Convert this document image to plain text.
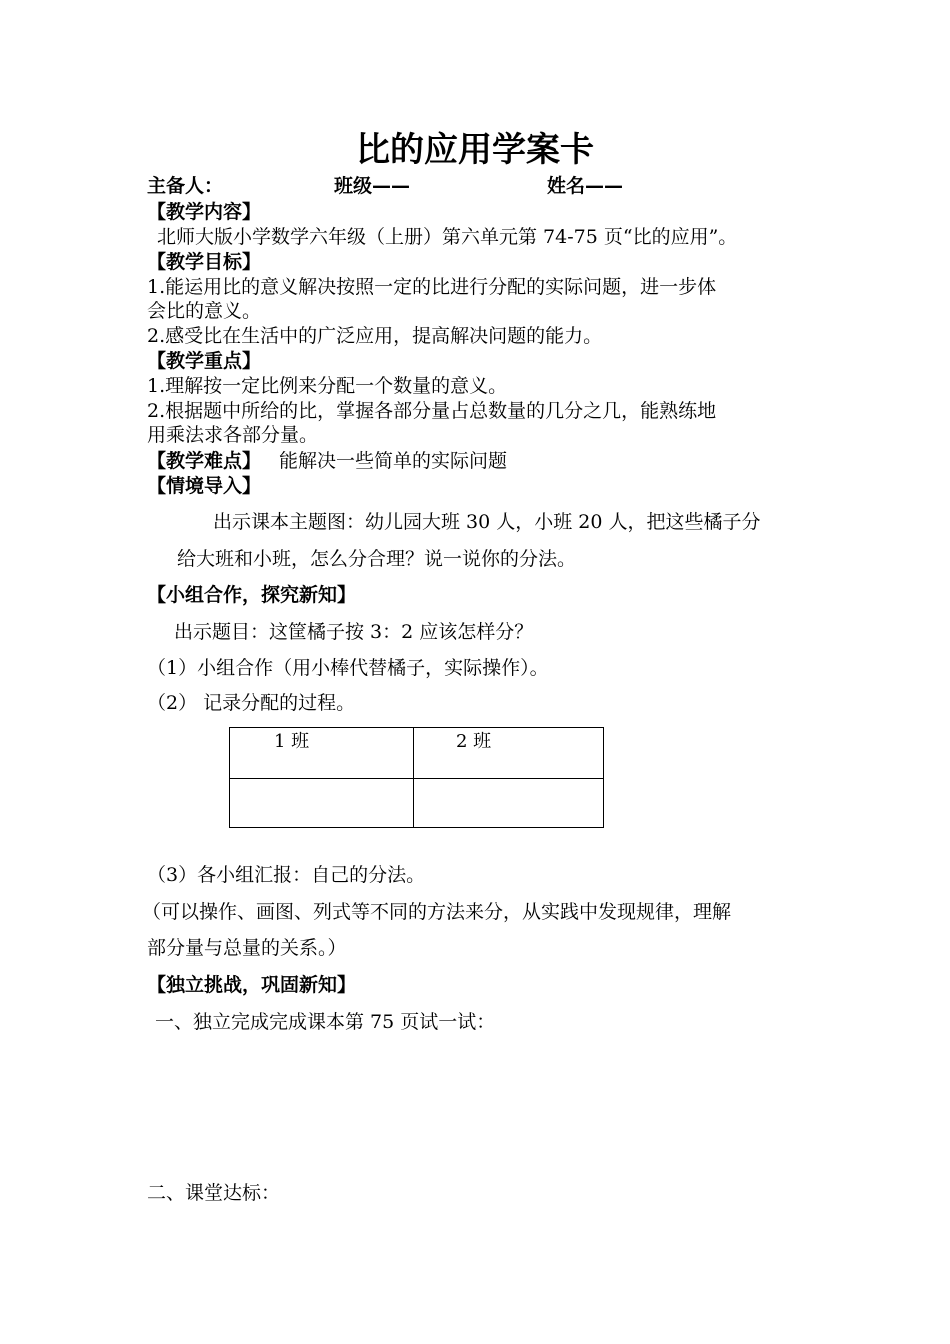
比的应用学案卡
主备人：	班级——	姓名——
【教学内容】
北师大版小学数学六年级（上册）第六单元第 74-75 页“比的应用”。
【教学目标】
1.能运用比的意义解决按照一定的比进行分配的实际问题，进一步体
会比的意义。
2.感受比在生活中的广泛应用，提高解决问题的能力。
【教学重点】
1.理解按一定比例来分配一个数量的意义。
2.根据题中所给的比，掌握各部分量占总数量的几分之几，能熟练地
用乘法求各部分量。
【教学难点】 能解决一些简单的实际问题
【情境导入】
出示课本主题图：幼儿园大班 30 人，小班 20 人，把这些橘子分
给大班和小班，怎么分合理？说一说你的分法。
【小组合作，探究新知】
出示题目：这筐橘子按 3：2 应该怎样分？
（1）小组合作（用小棒代替橘子，实际操作）。
（2） 记录分配的过程。
1 班	2 班

（3）各小组汇报：自己的分法。
（可以操作、画图、列式等不同的方法来分，从实践中发现规律，理解
部分量与总量的关系。）
【独立挑战，巩固新知】
一、独立完成完成课本第 75 页试一试：
二、课堂达标：
